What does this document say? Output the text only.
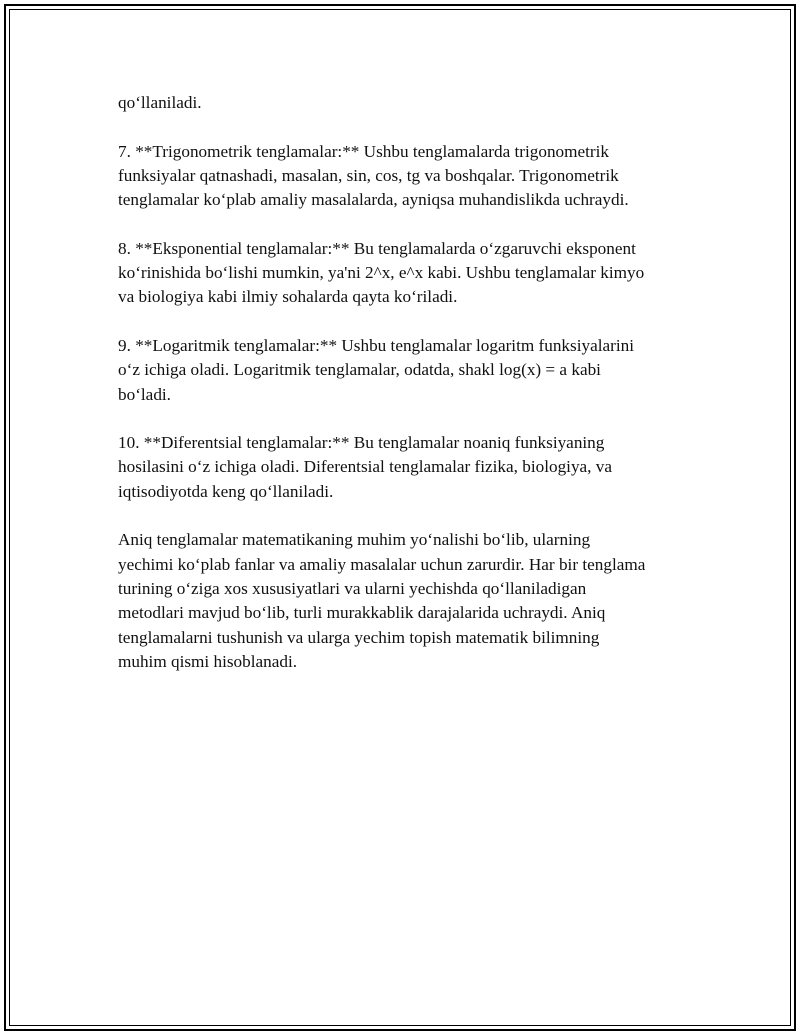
qo‘llaniladi.

7. **Trigonometrik tenglamalar:** Ushbu tenglamalarda trigonometrik
funksiyalar qatnashadi, masalan, sin, cos, tg va boshqalar. Trigonometrik
tenglamalar ko‘plab amaliy masalalarda, ayniqsa muhandislikda uchraydi.

8. **Eksponential tenglamalar:** Bu tenglamalarda o‘zgaruvchi eksponent
ko‘rinishida bo‘lishi mumkin, ya'ni 2^x, e^x kabi. Ushbu tenglamalar kimyo
va biologiya kabi ilmiy sohalarda qayta ko‘riladi.

9. **Logaritmik tenglamalar:** Ushbu tenglamalar logaritm funksiyalarini
o‘z ichiga oladi. Logaritmik tenglamalar, odatda, shakl log(x) = a kabi
bo‘ladi.

10. **Diferentsial tenglamalar:** Bu tenglamalar noaniq funksiyaning
hosilasini o‘z ichiga oladi. Diferentsial tenglamalar fizika, biologiya, va
iqtisodiyotda keng qo‘llaniladi.

Aniq tenglamalar matematikaning muhim yo‘nalishi bo‘lib, ularning
yechimi ko‘plab fanlar va amaliy masalalar uchun zarurdir. Har bir tenglama
turining o‘ziga xos xususiyatlari va ularni yechishda qo‘llaniladigan
metodlari mavjud bo‘lib, turli murakkablik darajalarida uchraydi. Aniq
tenglamalarni tushunish va ularga yechim topish matematik bilimning
muhim qismi hisoblanadi.
